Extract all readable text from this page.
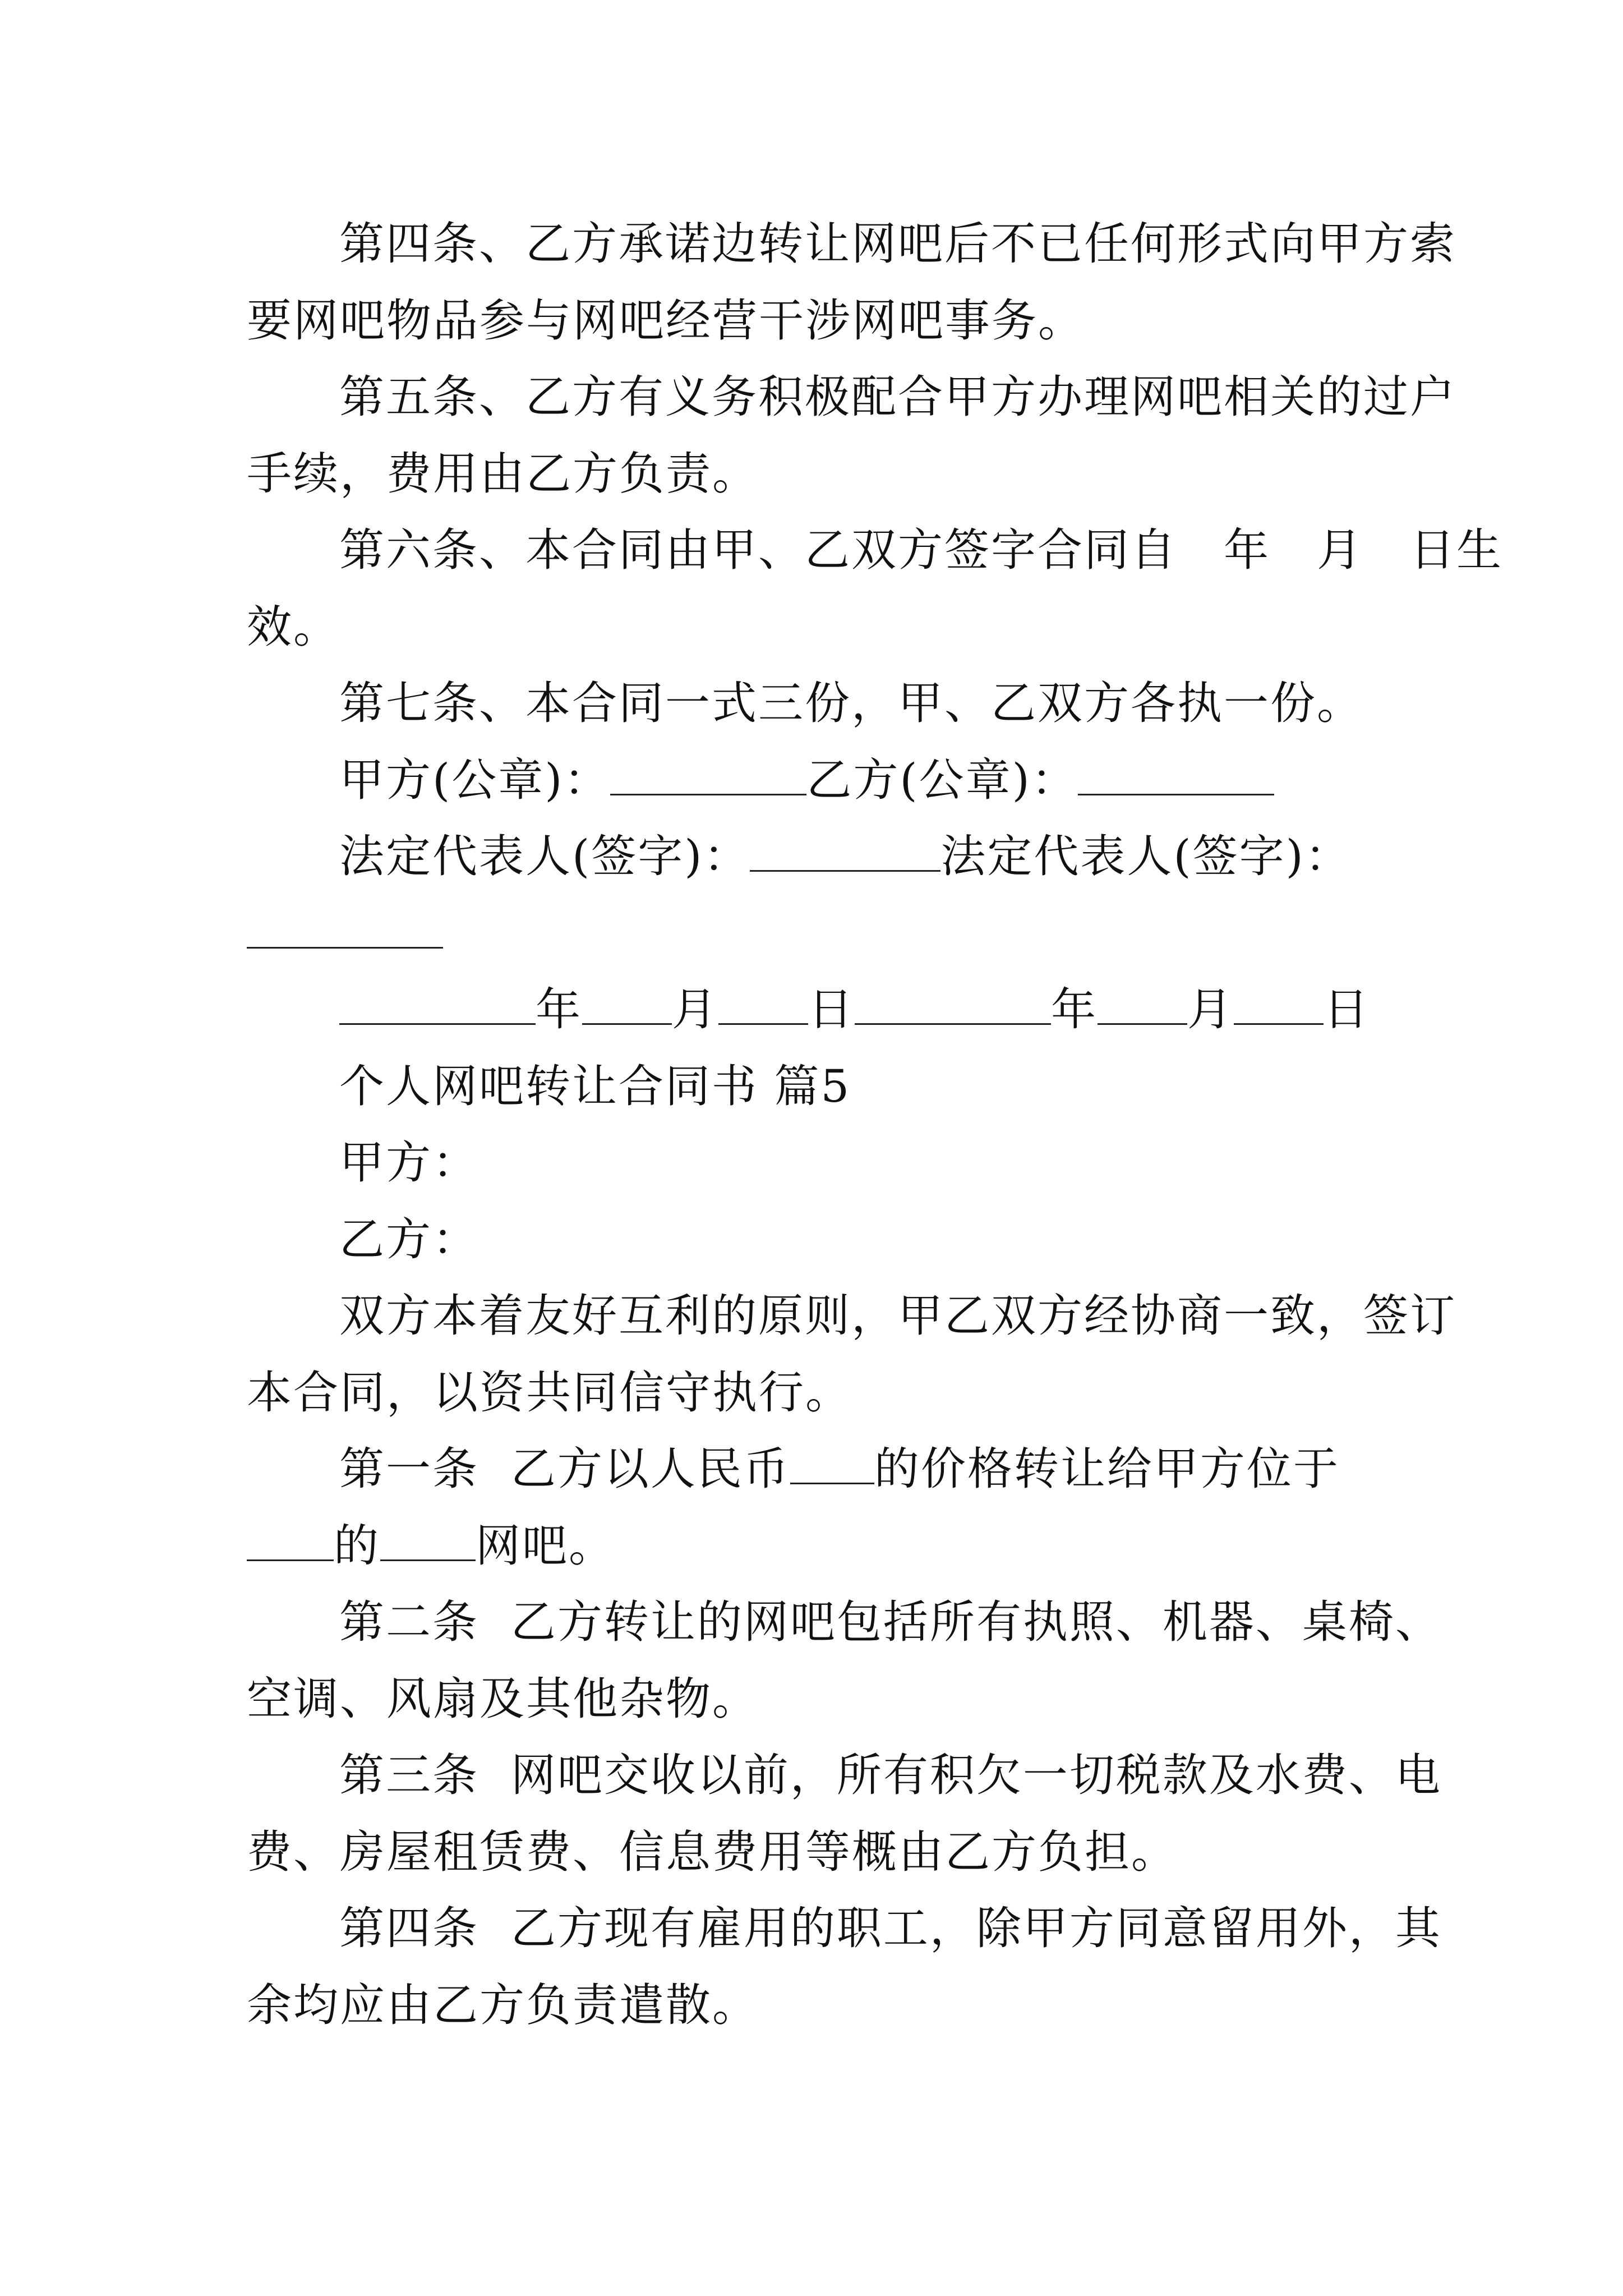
第四条、乙方承诺边转让网吧后不已任何形式向甲方索
要网吧物品参与网吧经营干涉网吧事务。
第五条、乙方有义务积极配合甲方办理网吧相关的过户
手续，费用由乙方负责。
第六条、本合同由甲、乙双方签字合同自　年　月　日生
效。
第七条、本合同一式三份，甲、乙双方各执一份。
甲方(公章)：	乙方(公章)：
法定代表人(签字)：	法定代表人(签字)：
年 月 日	年 月 日
个人网吧转让合同书 篇5
甲方：
乙方：
双方本着友好互利的原则，甲乙双方经协商一致，签订
本合同，以资共同信守执行。
第一条  乙方以人民币 的价格转让给甲方位于
的 网吧。
第二条  乙方转让的网吧包括所有执照、机器、桌椅、
空调、风扇及其他杂物。
第三条  网吧交收以前，所有积欠一切税款及水费、电
费、房屋租赁费、信息费用等概由乙方负担。
第四条  乙方现有雇用的职工，除甲方同意留用外，其
余均应由乙方负责遣散。
